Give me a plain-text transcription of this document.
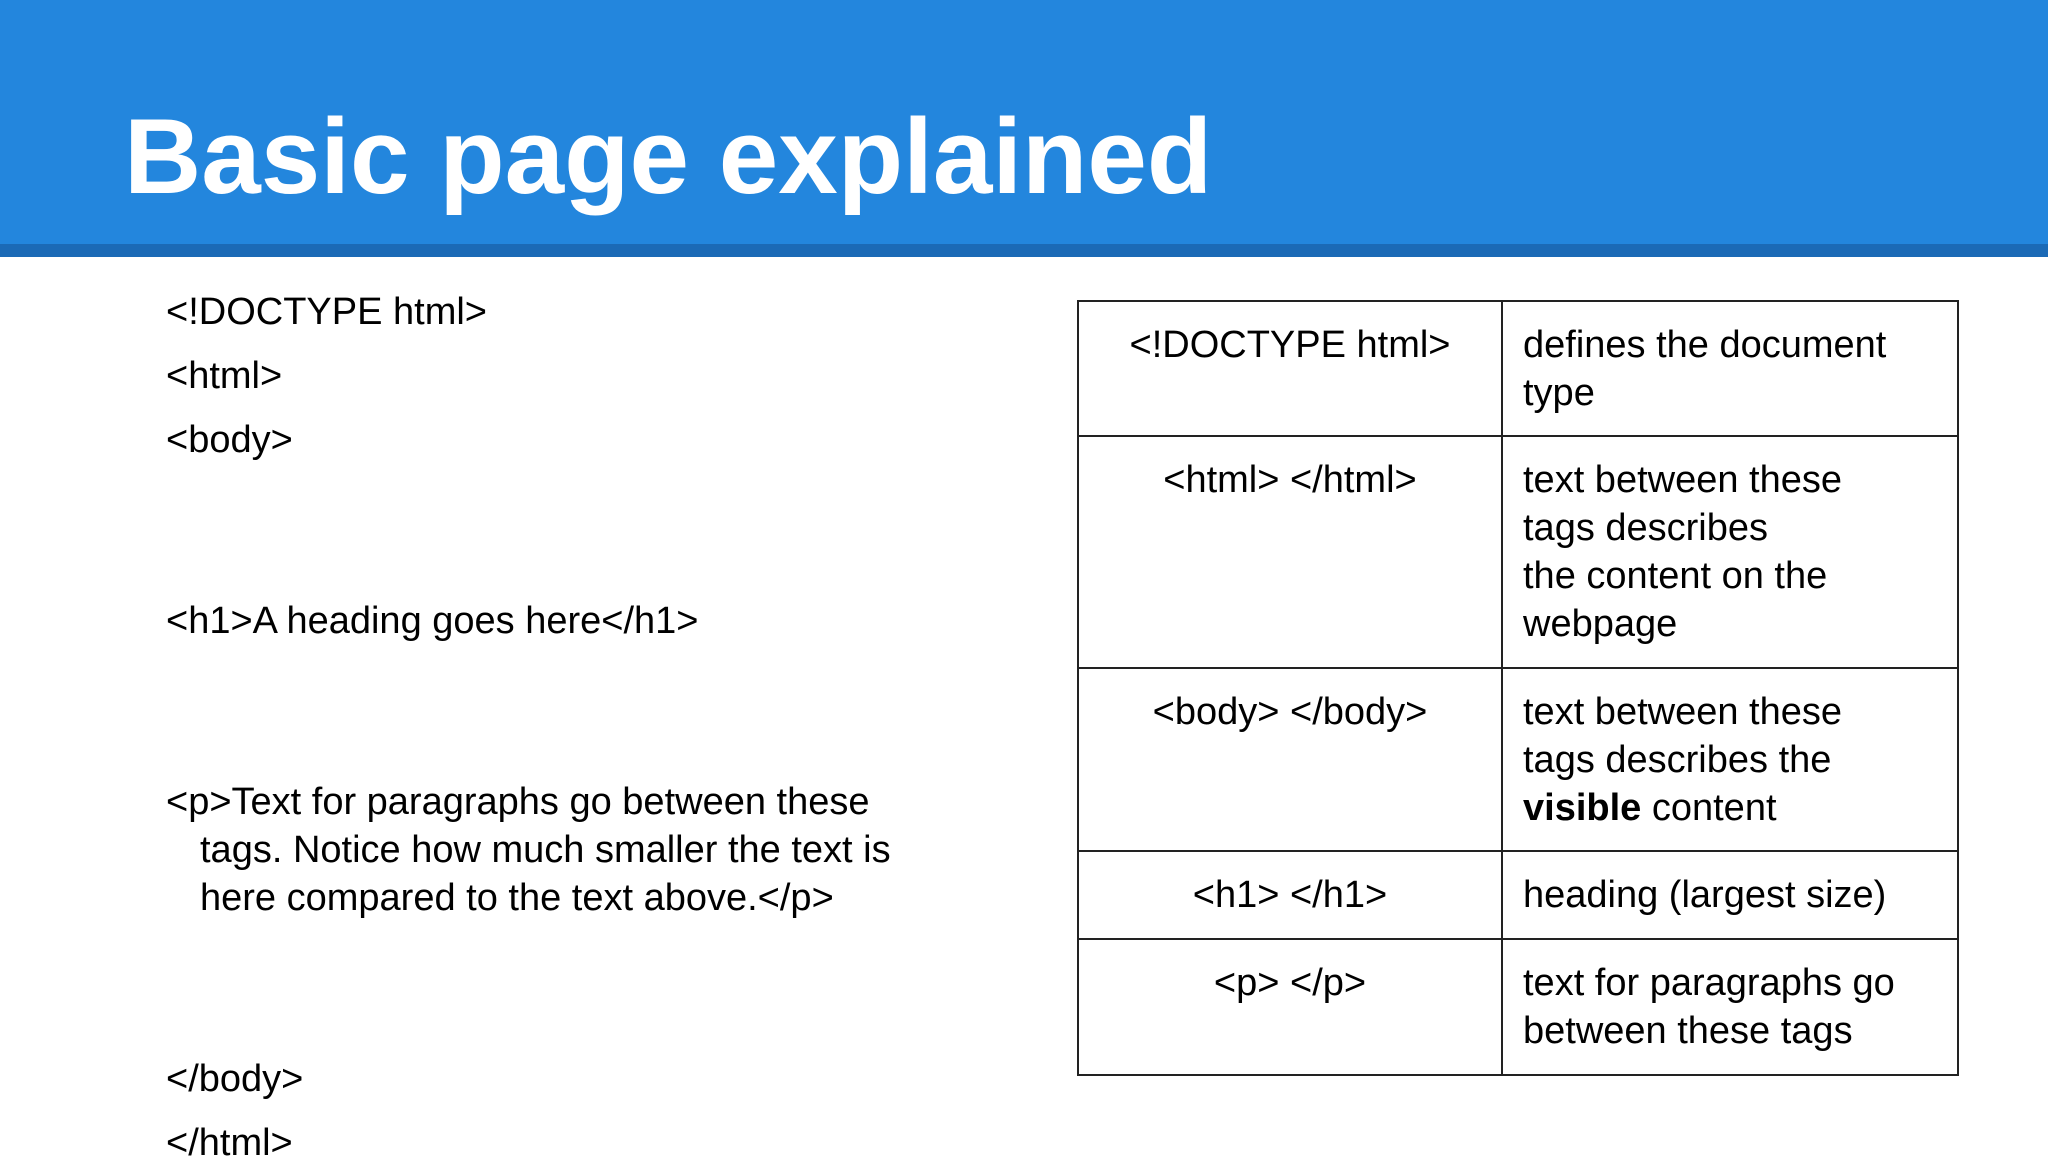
Basic page explained

<!DOCTYPE html>

<html>

<body>

<h1>A heading goes here</h1>

<p>Text for paragraphs go between these
tags. Notice how much smaller the text is
here compared to the text above.</p>

</body>

</html>

<!DOCTYPE html>	defines the document
type

<html> </html>	text between these
tags describes
the content on the
webpage

<body> </body>	text between these
tags describes the
visible content

<h1> </h1>	heading (largest size)

<p> </p>	text for paragraphs go
between these tags
